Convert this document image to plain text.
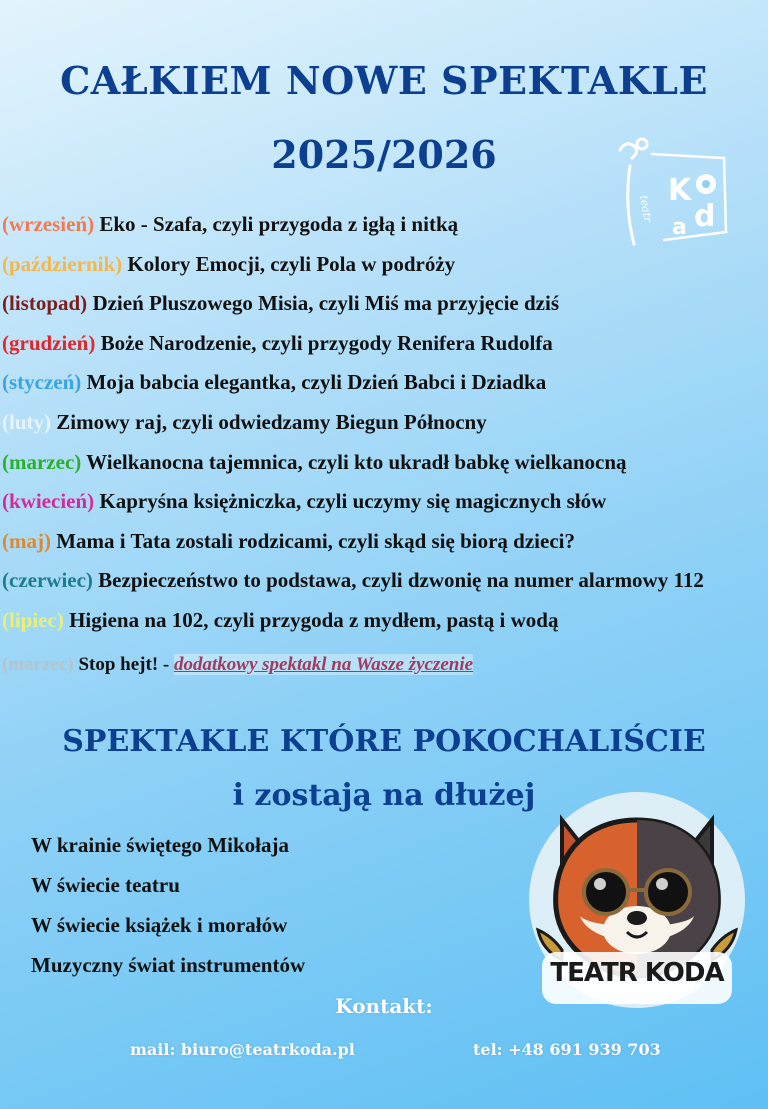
CAŁKIEM NOWE SPEKTAKLE
2025/2026
K
d
a
teatr
(wrzesień) Eko - Szafa, czyli przygoda z igłą i nitką
(październik) Kolory Emocji, czyli Pola w podróży
(listopad) Dzień Pluszowego Misia, czyli Miś ma przyjęcie dziś
(grudzień) Boże Narodzenie, czyli przygody Renifera Rudolfa
(styczeń) Moja babcia elegantka, czyli Dzień Babci i Dziadka
(luty) Zimowy raj, czyli odwiedzamy Biegun Północny
(marzec) Wielkanocna tajemnica, czyli kto ukradł babkę wielkanocną
(kwiecień) Kapryśna księżniczka, czyli uczymy się magicznych słów
(maj) Mama i Tata zostali rodzicami, czyli skąd się biorą dzieci?
(czerwiec) Bezpieczeństwo to podstawa, czyli dzwonię na numer alarmowy 112
(lipiec) Higiena na 102, czyli przygoda z mydłem, pastą i wodą
(marzec) Stop hejt! - dodatkowy spektakl na Wasze życzenie
SPEKTAKLE KTÓRE POKOCHALIŚCIE
i zostają na dłużej
W krainie świętego Mikołaja
W świecie teatru
W świecie książek i morałów
Muzyczny świat instrumentów	TEATR KODA
Kontakt:
mail: biuro@teatrkoda.pl	tel: +48 691 939 703
